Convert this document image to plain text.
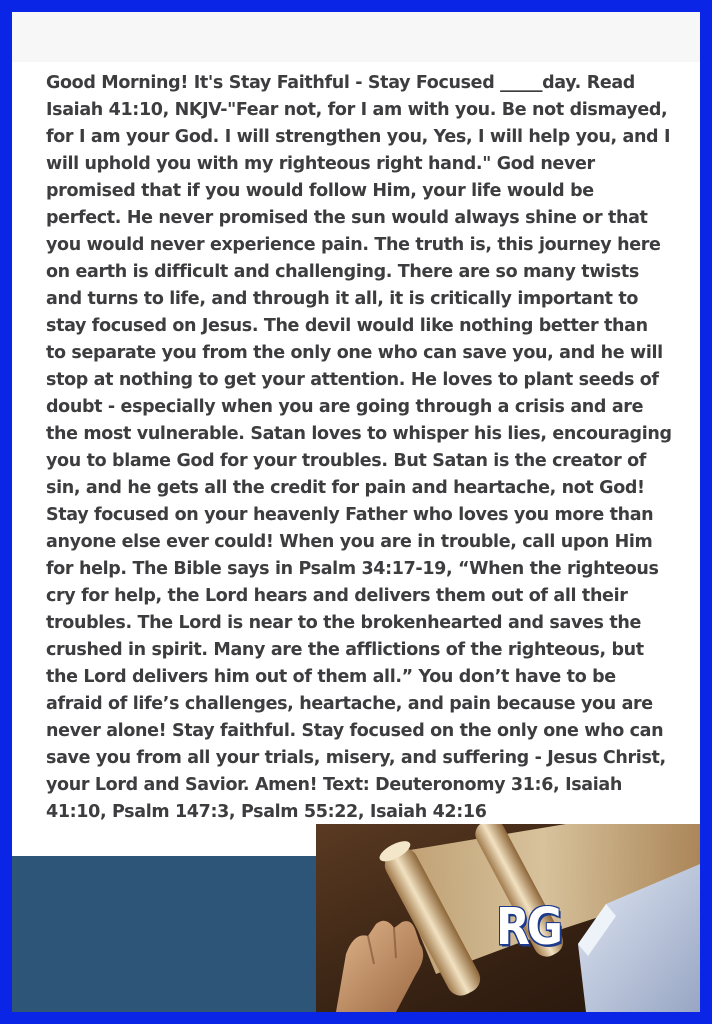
Good Morning! It's Stay Faithful - Stay Focused _____day. Read Isaiah 41:10, NKJV-"Fear not, for I am with you. Be not dismayed, for I am your God. I will strengthen you, Yes, I will help you, and I will uphold you with my righteous right hand." God never promised that if you would follow Him, your life would be perfect. He never promised the sun would always shine or that you would never experience pain. The truth is, this journey here on earth is difficult and challenging. There are so many twists and turns to life, and through it all, it is critically important to stay focused on Jesus. The devil would like nothing better than to separate you from the only one who can save you, and he will stop at nothing to get your attention. He loves to plant seeds of doubt - especially when you are going through a crisis and are the most vulnerable. Satan loves to whisper his lies, encouraging you to blame God for your troubles. But Satan is the creator of sin, and he gets all the credit for pain and heartache, not God! Stay focused on your heavenly Father who loves you more than anyone else ever could! When you are in trouble, call upon Him for help. The Bible says in Psalm 34:17-19, “When the righteous cry for help, the Lord hears and delivers them out of all their troubles. The Lord is near to the brokenhearted and saves the crushed in spirit. Many are the afflictions of the righteous, but the Lord delivers him out of them all.” You don’t have to be afraid of life’s challenges, heartache, and pain because you are never alone! Stay faithful. Stay focused on the only one who can save you from all your trials, misery, and suffering - Jesus Christ, your Lord and Savior. Amen! Text: Deuteronomy 31:6, Isaiah 41:10, Psalm 147:3, Psalm 55:22, Isaiah 42:16

RG
